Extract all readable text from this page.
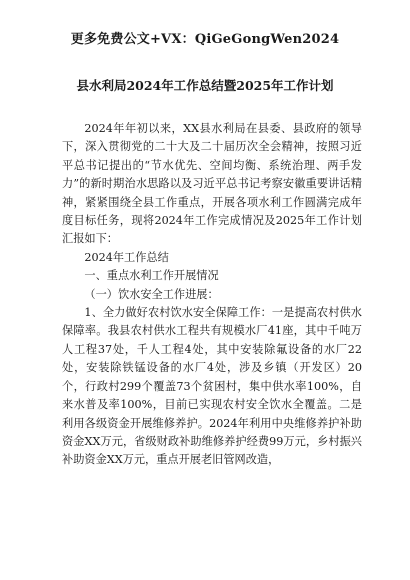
更多免费公文+VX：QiGeGongWen2024
县水利局2024年工作总结暨2025年工作计划

2024年年初以来，XX县水利局在县委、县政府的领导下，深入贯彻党的二十大及二十届历次全会精神，按照习近平总书记提出的“节水优先、空间均衡、系统治理、两手发力”的新时期治水思路以及习近平总书记考察安徽重要讲话精神，紧紧围绕全县工作重点，开展各项水利工作圆满完成年度目标任务，现将2024年工作完成情况及2025年工作计划汇报如下：

2024年工作总结

一、重点水利工作开展情况

（一）饮水安全工作进展：

1、全力做好农村饮水安全保障工作：一是提高农村供水保障率。我县农村供水工程共有规模水厂41座，其中千吨万人工程37处，千人工程4处，其中安装除氟设备的水厂22处，安装除铁锰设备的水厂4处，涉及乡镇（开发区）20个，行政村299个覆盖73个贫困村，集中供水率100%，自来水普及率100%，目前已实现农村安全饮水全覆盖。二是利用各级资金开展维修养护。2024年利用中央维修养护补助资金XX万元，省级财政补助维修养护经费99万元，乡村振兴补助资金XX万元，重点开展老旧管网改造，
